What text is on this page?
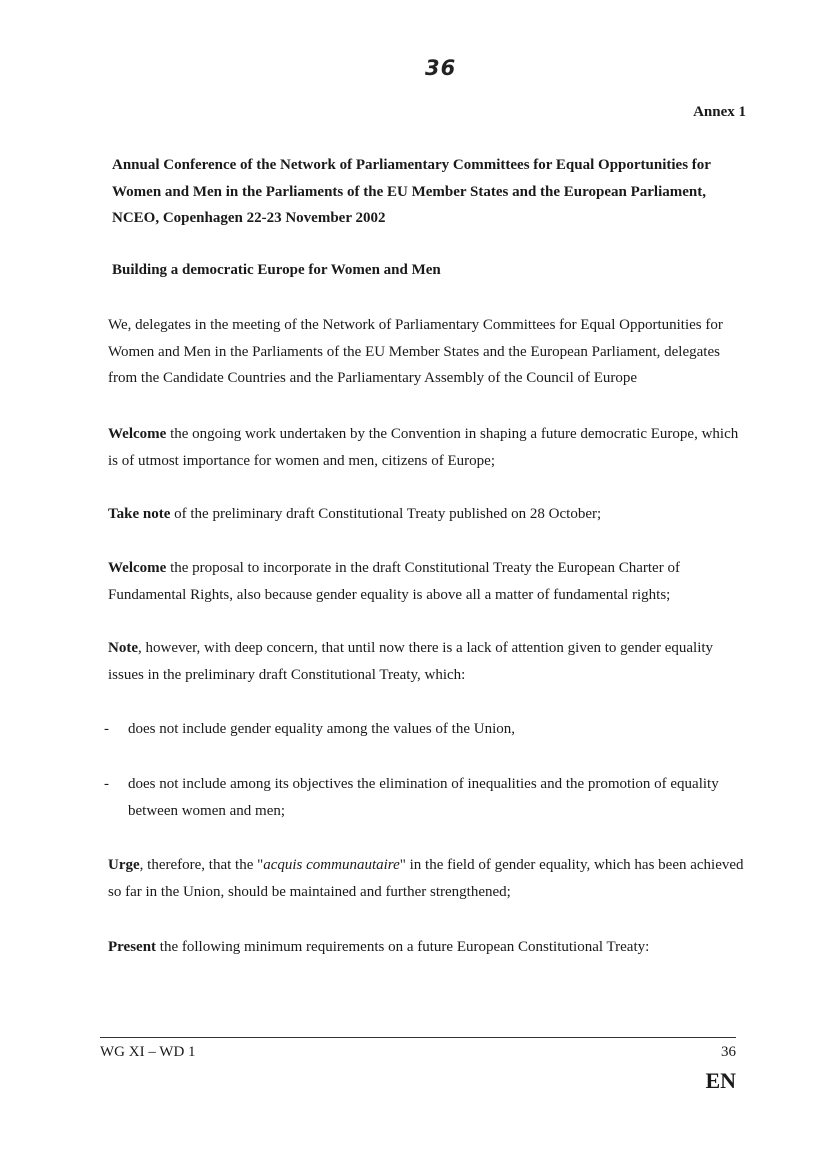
36
Annex 1
Annual Conference of the Network of Parliamentary Committees for Equal Opportunities for Women and Men in the Parliaments of the EU Member States and the European Parliament, NCEO, Copenhagen 22-23 November 2002
Building a democratic Europe for Women and Men
We, delegates in the meeting of the Network of Parliamentary Committees for Equal Opportunities for Women and Men in the Parliaments of the EU Member States and the European Parliament, delegates from the Candidate Countries and the Parliamentary Assembly of the Council of Europe
Welcome the ongoing work undertaken by the Convention in shaping a future democratic Europe, which is of utmost importance for women and men, citizens of Europe;
Take note of the preliminary draft Constitutional Treaty published on 28 October;
Welcome the proposal to incorporate in the draft Constitutional Treaty the European Charter of Fundamental Rights, also because gender equality is above all a matter of fundamental rights;
Note, however, with deep concern, that until now there is a lack of attention given to gender equality issues in the preliminary draft Constitutional Treaty, which:
-	does not include gender equality among the values of the Union,
-	does not include among its objectives the elimination of inequalities and the promotion of equality between women and men;
Urge, therefore, that the "acquis communautaire" in the field of gender equality, which has been achieved so far in the Union, should be maintained and further strengthened;
Present the following minimum requirements on a future European Constitutional Treaty:
WG XI – WD 1	36
EN
